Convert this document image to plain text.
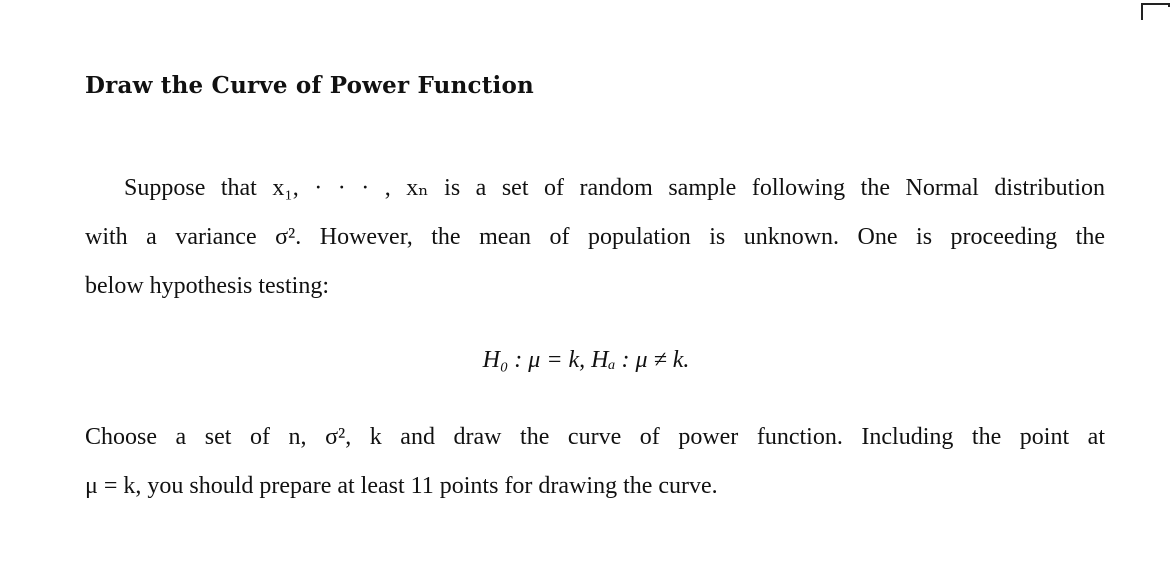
Draw the Curve of Power Function
Suppose that x₁, · · · , xₙ is a set of random sample following the Normal distribution
with a variance σ². However, the mean of population is unknown. One is proceeding the
below hypothesis testing:
H₀ : μ = k, Hₐ : μ ≠ k.
Choose a set of n, σ², k and draw the curve of power function. Including the point at
μ = k, you should prepare at least 11 points for drawing the curve.
